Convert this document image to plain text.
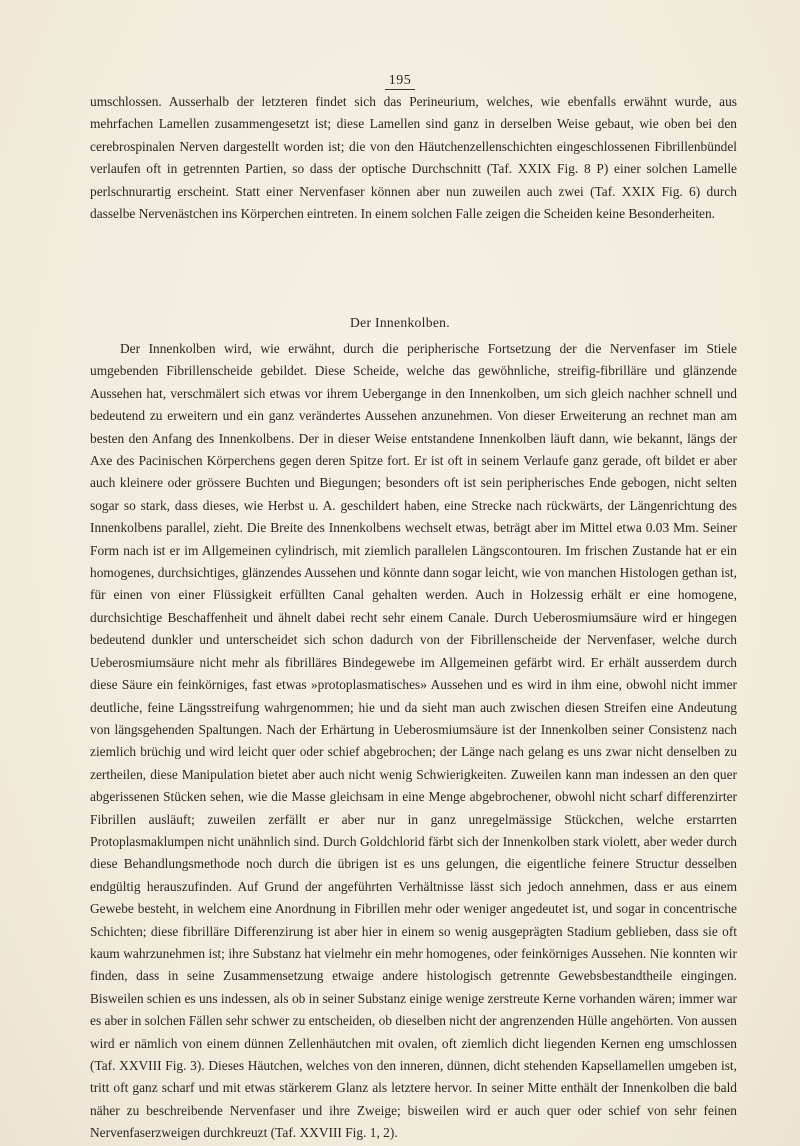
195

umschlossen. Ausserhalb der letzteren findet sich das Perineurium, welches, wie ebenfalls erwähnt wurde, aus mehrfachen Lamellen zusammengesetzt ist; diese Lamellen sind ganz in derselben Weise gebaut, wie oben bei den cerebrospinalen Nerven dargestellt worden ist; die von den Häutchenzellenschichten eingeschlossenen Fibrillenbündel verlaufen oft in getrennten Partien, so dass der optische Durchschnitt (Taf. XXIX Fig. 8 P) einer solchen Lamelle perlschnurartig erscheint. Statt einer Nervenfaser können aber nun zuweilen auch zwei (Taf. XXIX Fig. 6) durch dasselbe Nervenästchen ins Körperchen eintreten. In einem solchen Falle zeigen die Scheiden keine Besonderheiten.

Der Innenkolben.

Der Innenkolben wird, wie erwähnt, durch die peripherische Fortsetzung der die Nervenfaser im Stiele umgebenden Fibrillenscheide gebildet. Diese Scheide, welche das gewöhnliche, streifig-fibrilläre und glänzende Aussehen hat, verschmälert sich etwas vor ihrem Uebergange in den Innenkolben, um sich gleich nachher schnell und bedeutend zu erweitern und ein ganz verändertes Aussehen anzunehmen. Von dieser Erweiterung an rechnet man am besten den Anfang des Innenkolbens. Der in dieser Weise entstandene Innenkolben läuft dann, wie bekannt, längs der Axe des Pacinischen Körperchens gegen deren Spitze fort. Er ist oft in seinem Verlaufe ganz gerade, oft bildet er aber auch kleinere oder grössere Buchten und Biegungen; besonders oft ist sein peripherisches Ende gebogen, nicht selten sogar so stark, dass dieses, wie Herbst u. A. geschildert haben, eine Strecke nach rückwärts, der Längenrichtung des Innenkolbens parallel, zieht. Die Breite des Innenkolbens wechselt etwas, beträgt aber im Mittel etwa 0.03 Mm. Seiner Form nach ist er im Allgemeinen cylindrisch, mit ziemlich parallelen Längscontouren. Im frischen Zustande hat er ein homogenes, durchsichtiges, glänzendes Aussehen und könnte dann sogar leicht, wie von manchen Histologen gethan ist, für einen von einer Flüssigkeit erfüllten Canal gehalten werden. Auch in Holzessig erhält er eine homogene, durchsichtige Beschaffenheit und ähnelt dabei recht sehr einem Canale. Durch Ueberosmiumsäure wird er hingegen bedeutend dunkler und unterscheidet sich schon dadurch von der Fibrillenscheide der Nervenfaser, welche durch Ueberosmiumsäure nicht mehr als fibrilläres Bindegewebe im Allgemeinen gefärbt wird. Er erhält ausserdem durch diese Säure ein feinkörniges, fast etwas »protoplasmatisches» Aussehen und es wird in ihm eine, obwohl nicht immer deutliche, feine Längsstreifung wahrgenommen; hie und da sieht man auch zwischen diesen Streifen eine Andeutung von längsgehenden Spaltungen. Nach der Erhärtung in Ueberosmiumsäure ist der Innenkolben seiner Consistenz nach ziemlich brüchig und wird leicht quer oder schief abgebrochen; der Länge nach gelang es uns zwar nicht denselben zu zertheilen, diese Manipulation bietet aber auch nicht wenig Schwierigkeiten. Zuweilen kann man indessen an den quer abgerissenen Stücken sehen, wie die Masse gleichsam in eine Menge abgebrochener, obwohl nicht scharf differenzirter Fibrillen ausläuft; zuweilen zerfällt er aber nur in ganz unregelmässige Stückchen, welche erstarrten Protoplasmaklumpen nicht unähnlich sind. Durch Goldchlorid färbt sich der Innenkolben stark violett, aber weder durch diese Behandlungsmethode noch durch die übrigen ist es uns gelungen, die eigentliche feinere Structur desselben endgültig herauszufinden. Auf Grund der angeführten Verhältnisse lässt sich jedoch annehmen, dass er aus einem Gewebe besteht, in welchem eine Anordnung in Fibrillen mehr oder weniger angedeutet ist, und sogar in concentrische Schichten; diese fibrilläre Differenzirung ist aber hier in einem so wenig ausgeprägten Stadium geblieben, dass sie oft kaum wahrzunehmen ist; ihre Substanz hat vielmehr ein mehr homogenes, oder feinkörniges Aussehen. Nie konnten wir finden, dass in seine Zusammensetzung etwaige andere histologisch getrennte Gewebsbestandtheile eingingen. Bisweilen schien es uns indessen, als ob in seiner Substanz einige wenige zerstreute Kerne vorhanden wären; immer war es aber in solchen Fällen sehr schwer zu entscheiden, ob dieselben nicht der angrenzenden Hülle angehörten. Von aussen wird er nämlich von einem dünnen Zellenhäutchen mit ovalen, oft ziemlich dicht liegenden Kernen eng umschlossen (Taf. XXVIII Fig. 3). Dieses Häutchen, welches von den inneren, dünnen, dicht stehenden Kapsellamellen umgeben ist, tritt oft ganz scharf und mit etwas stärkerem Glanz als letztere hervor. In seiner Mitte enthält der Innenkolben die bald näher zu beschreibende Nervenfaser und ihre Zweige; bisweilen wird er auch quer oder schief von sehr feinen Nervenfaserzweigen durchkreuzt (Taf. XXVIII Fig. 1, 2).
